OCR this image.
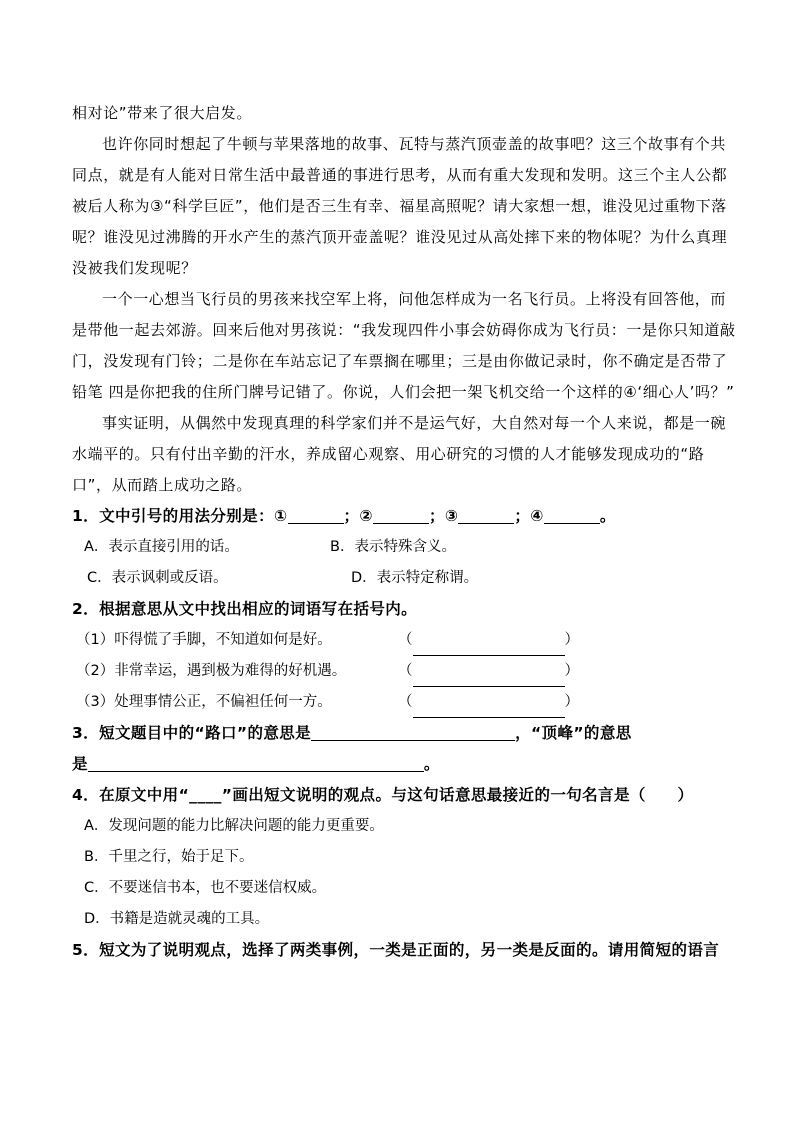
相对论”带来了很大启发。

也许你同时想起了牛顿与苹果落地的故事、瓦特与蒸汽顶壶盖的故事吧？这三个故事有个共同点，就是有人能对日常生活中最普通的事进行思考，从而有重大发现和发明。这三个主人公都被后人称为③“科学巨匠”，他们是否三生有幸、福星高照呢？请大家想一想，谁没见过重物下落呢？谁没见过沸腾的开水产生的蒸汽顶开壶盖呢？谁没见过从高处摔下来的物体呢？为什么真理没被我们发现呢？

一个一心想当飞行员的男孩来找空军上将，问他怎样成为一名飞行员。上将没有回答他，而是带他一起去郊游。回来后他对男孩说：“我发现四件小事会妨碍你成为飞行员：一是你只知道敲门，没发现有门铃；二是你在车站忘记了车票搁在哪里；三是由你做记录时，你不确定是否带了铅笔 四是你把我的住所门牌号记错了。你说，人们会把一架飞机交给一个这样的④‘细心人’吗？”

事实证明，从偶然中发现真理的科学家们并不是运气好，大自然对每一个人来说，都是一碗水端平的。只有付出辛勤的汗水，养成留心观察、用心研究的习惯的人才能够发现成功的“路口”，从而踏上成功之路。

1．文中引号的用法分别是：①	；②	；③	；④	。
A．表示直接引用的话。	B．表示特殊含义。
C．表示讽刺或反语。	D．表示特定称谓。
2．根据意思从文中找出相应的词语写在括号内。
（1）吓得慌了手脚，不知道如何是好。	（	）
（2）非常幸运，遇到极为难得的好机遇。	（	）
（3）处理事情公正，不偏袒任何一方。	（	）
3．短文题目中的“路口”的意思是	，“顶峰”的意思
是	。
4．在原文中用“____”画出短文说明的观点。与这句话意思最接近的一句名言是（　　）
A．发现问题的能力比解决问题的能力更重要。
B．千里之行，始于足下。
C．不要迷信书本，也不要迷信权威。
D．书籍是造就灵魂的工具。
5．短文为了说明观点，选择了两类事例，一类是正面的，另一类是反面的。请用简短的语言
